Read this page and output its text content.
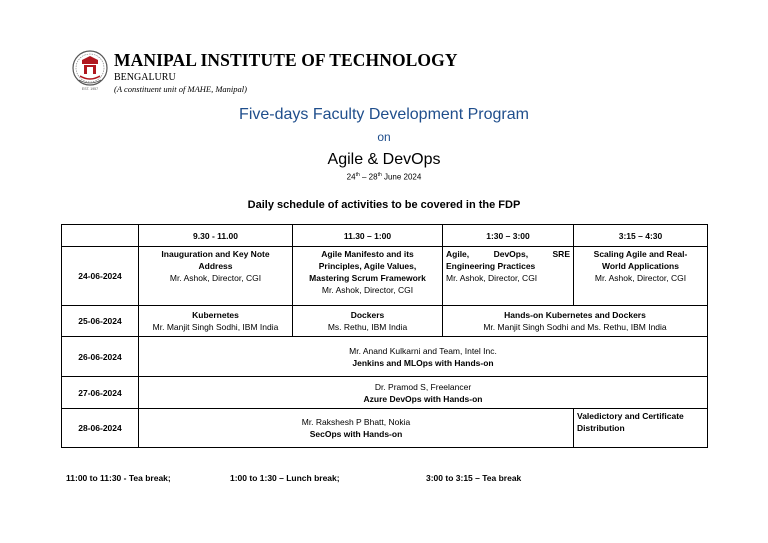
EST. 1957
MANIPAL INSTITUTE OF TECHNOLOGY
BENGALURU
(A constituent unit of MAHE, Manipal)
Five-days Faculty Development Program
on
Agile & DevOps
24th – 28th June 2024
Daily schedule of activities to be covered in the FDP
	9.30 - 11.00	11.30 – 1:00	1:30 – 3:00	3:15 – 4:30
24-06-2024	Inauguration and Key Note
Address
Mr. Ashok, Director, CGI	Agile Manifesto and its
Principles, Agile Values,
Mastering Scrum Framework
Mr. Ashok, Director, CGI	Agile, DevOps, SRE
Engineering Practices
Mr. Ashok, Director, CGI	Scaling Agile and Real-
World Applications
Mr. Ashok, Director, CGI

25-06-2024	Kubernetes
Mr. Manjit Singh Sodhi, IBM India	Dockers
Ms. Rethu, IBM India	Hands-on Kubernetes and Dockers
Mr. Manjit Singh Sodhi and Ms. Rethu, IBM India	

26-06-2024	Mr. Anand Kulkarni and Team, Intel Inc.
Jenkins and MLOps with Hands-on			

27-06-2024	Dr. Pramod S, Freelancer
Azure DevOps with Hands-on			

28-06-2024	Mr. Rakshesh P Bhatt, Nokia
SecOps with Hands-on			Valedictory and Certificate
Distribution
11:00 to 11:30 - Tea break;	1:00 to 1:30 – Lunch break;	3:00 to 3:15 – Tea break
